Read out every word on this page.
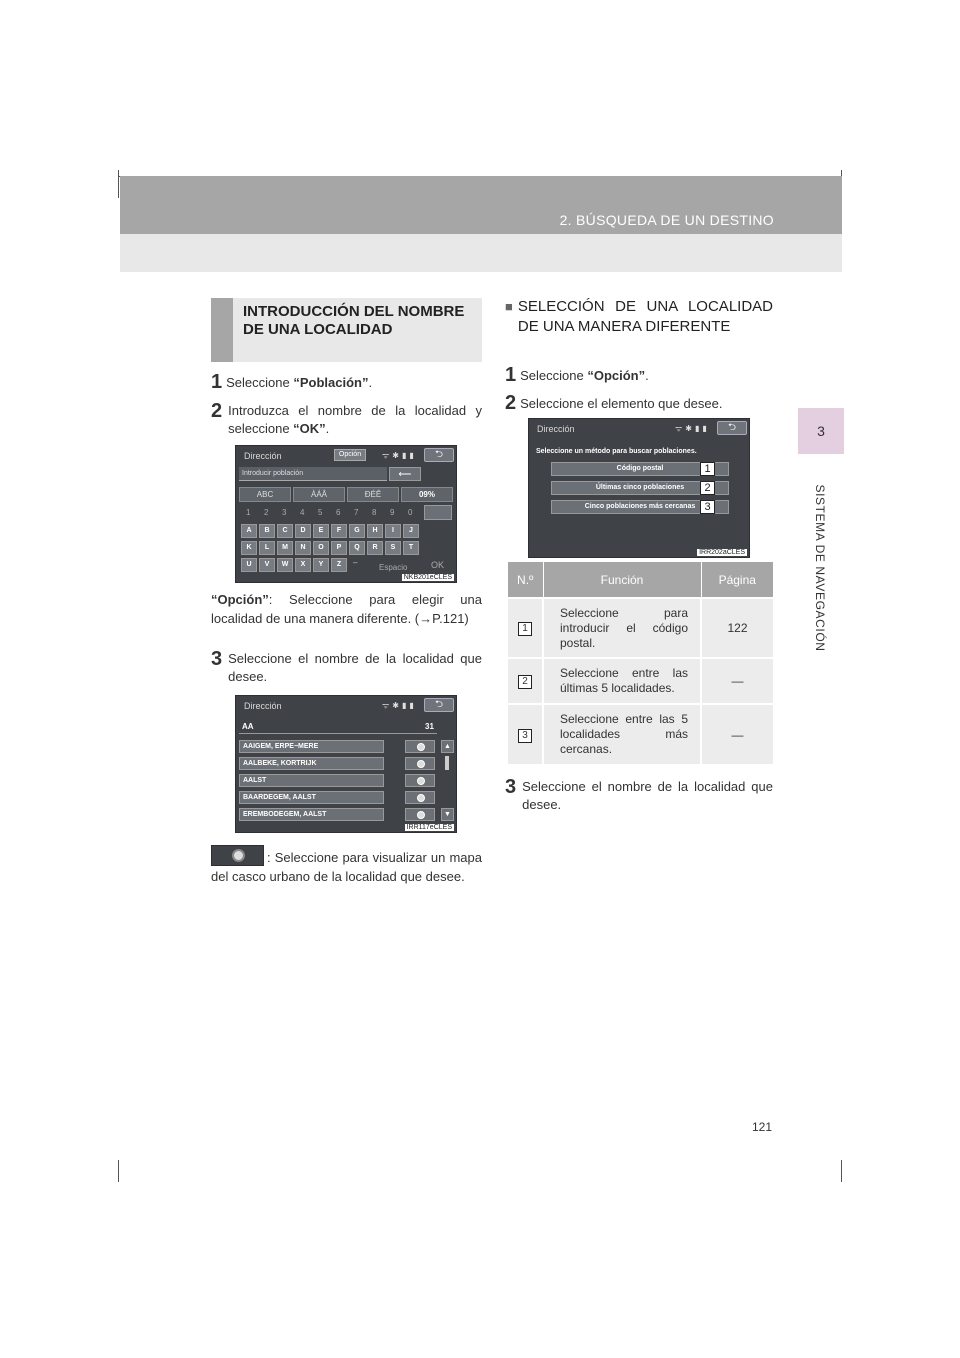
2. BÚSQUEDA DE UN DESTINO
3
SISTEMA DE NAVEGACIÓN
INTRODUCCIÓN DEL NOMBRE DE UNA LOCALIDAD
1 Seleccione “Población”.
2 Introduzca el nombre de la localidad y seleccione “OK”.
Dirección	Opción	ᯤ✱▮▮	⮌
Introducir población	⟵
ABC	ÀÁÂ	ĐÉÊ	09%
1 2 3 4 5 6 7 8 9 0
A	B	C	D	E	F	G	H	I	J
K	L	M	N	O	P	Q	R	S	T
U	V	W	X	Y	Z	–
Espacio	OK
NKB201eCLES
“Opción”: Seleccione para elegir una localidad de una manera diferente. (→P.121)
3 Seleccione el nombre de la localidad que desee.
Dirección	ᯤ✱▮▮	⮌
AA	31
AAIGEM, ERPE−MERE
AALBEKE, KORTRIJK
AALST
BAARDEGEM, AALST
EREMBODEGEM, AALST
▲
▼
IRR117eCLES
: Seleccione para visualizar un mapa del casco urbano de la localidad que desee.
■ SELECCIÓN DE UNA LOCALIDAD DE UNA MANERA DIFERENTE
1 Seleccione “Opción”.
2 Seleccione el elemento que desee.
Dirección	ᯤ✱▮▮	⮌
Seleccione un método para buscar poblaciones.
Código postal
Últimas cinco poblaciones
Cinco poblaciones más cercanas
1
2
3
IRR202aCLES
N.º	Función	Página
1	Seleccione para introducir el código postal.	122
2	Seleccione entre las últimas 5 localidades.	—
3	Seleccione entre las 5 localidades más cercanas.	—
3 Seleccione el nombre de la localidad que desee.
121
